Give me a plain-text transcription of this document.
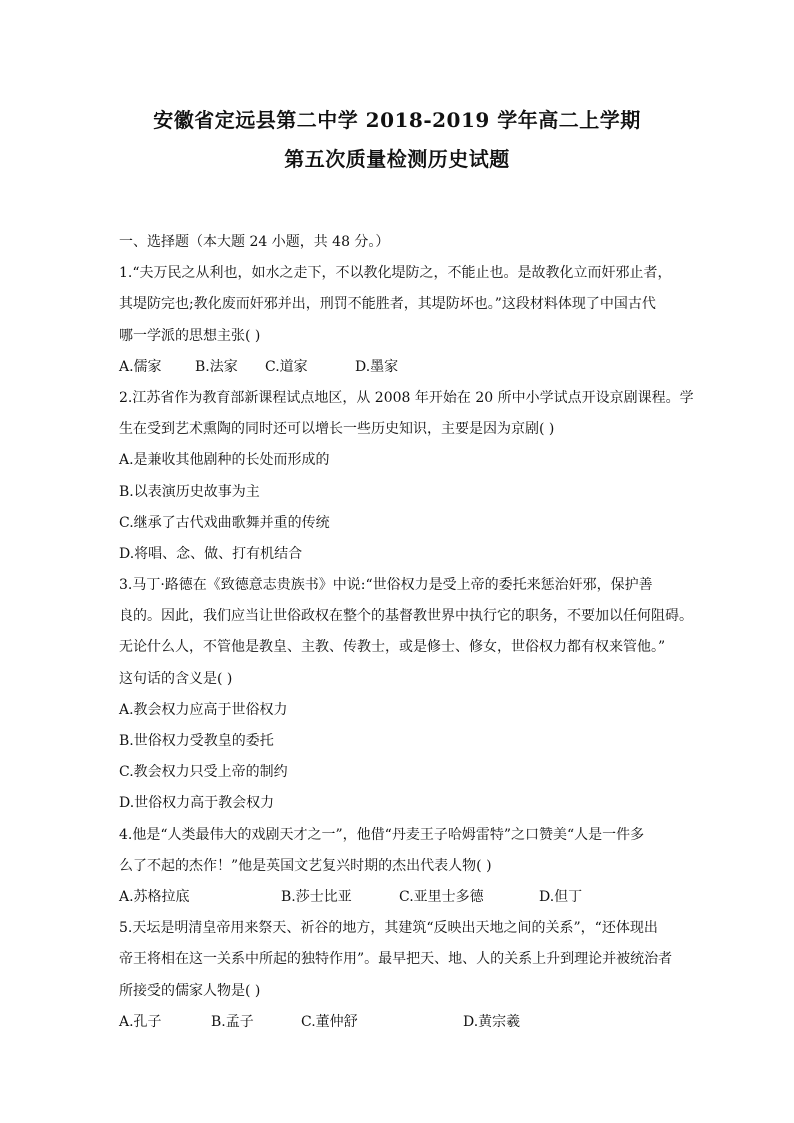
安徽省定远县第二中学 2018-2019 学年高二上学期
第五次质量检测历史试题
一、选择题（本大题 24 小题，共 48 分。）
1.“夫万民之从利也，如水之走下，不以教化堤防之，不能止也。是故教化立而奸邪止者，
其堤防完也;教化废而奸邪并出，刑罚不能胜者，其堤防坏也。”这段材料体现了中国古代
哪一学派的思想主张( )
A.儒家	B.法家	C.道家	D.墨家
2.江苏省作为教育部新课程试点地区，从 2008 年开始在 20 所中小学试点开设京剧课程。学
生在受到艺术熏陶的同时还可以增长一些历史知识，主要是因为京剧( )
A.是兼收其他剧种的长处而形成的
B.以表演历史故事为主
C.继承了古代戏曲歌舞并重的传统
D.将唱、念、做、打有机结合
3.马丁·路德在《致德意志贵族书》中说:“世俗权力是受上帝的委托来惩治奸邪，保护善
良的。因此，我们应当让世俗政权在整个的基督教世界中执行它的职务，不要加以任何阻碍。
无论什么人，不管他是教皇、主教、传教士，或是修士、修女，世俗权力都有权来管他。”
这句话的含义是( )
A.教会权力应高于世俗权力
B.世俗权力受教皇的委托
C.教会权力只受上帝的制约
D.世俗权力高于教会权力
4.他是“人类最伟大的戏剧天才之一”，他借“丹麦王子哈姆雷特”之口赞美“人是一件多
么了不起的杰作！”他是英国文艺复兴时期的杰出代表人物( )
A.苏格拉底	B.莎士比亚	C.亚里士多德	D.但丁
5.天坛是明清皇帝用来祭天、祈谷的地方，其建筑“反映出天地之间的关系”，“还体现出
帝王将相在这一关系中所起的独特作用”。最早把天、地、人的关系上升到理论并被统治者
所接受的儒家人物是( )
A.孔子	B.孟子	C.董仲舒	D.黄宗羲
